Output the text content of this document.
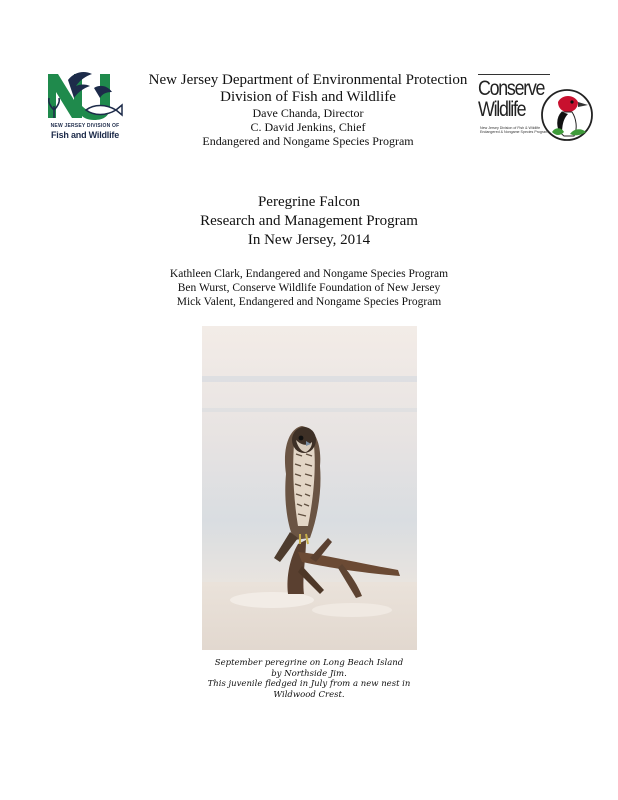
NEW JERSEY DIVISION OF
Fish and Wildlife
New Jersey Department of Environmental Protection
Division of Fish and Wildlife
Dave Chanda, Director
C. David Jenkins, Chief
Endangered and Nongame Species Program
Conserve
Wildlife
New Jersey Division of Fish & Wildlife
Endangered & Nongame Species Program
Peregrine Falcon
Research and Management Program
In New Jersey, 2014
Kathleen Clark, Endangered and Nongame Species Program
Ben Wurst, Conserve Wildlife Foundation of New Jersey
Mick Valent, Endangered and Nongame Species Program
September peregrine on Long Beach Island
by Northside Jim.
This juvenile fledged in July from a new nest in
Wildwood Crest.
